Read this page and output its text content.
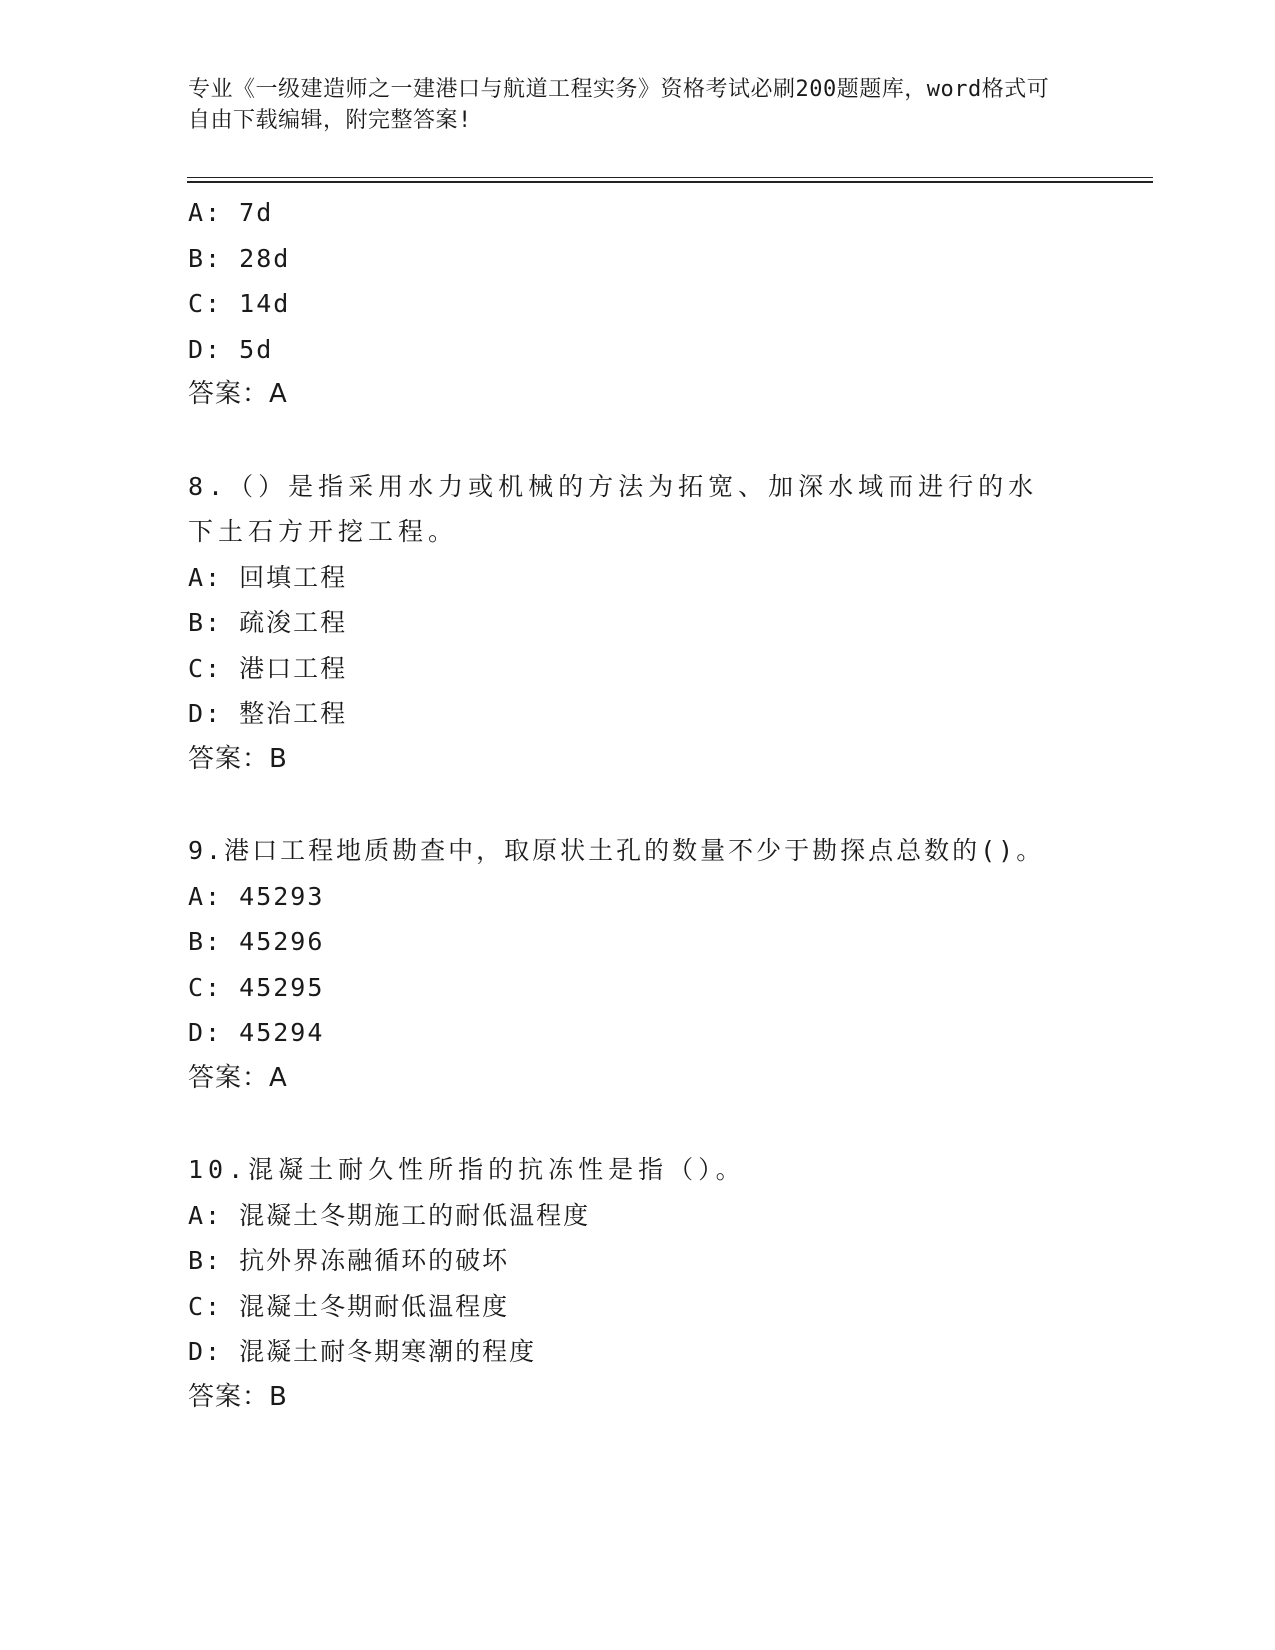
专业《一级建造师之一建港口与航道工程实务》资格考试必刷200题题库，word格式可自由下载编辑，附完整答案!
A: 7d
B: 28d
C: 14d
D: 5d
答案：A
8.（）是指采用水力或机械的方法为拓宽、加深水域而进行的水下土石方开挖工程。
A: 回填工程
B: 疏浚工程
C: 港口工程
D: 整治工程
答案：B
9.港口工程地质勘查中，取原状土孔的数量不少于勘探点总数的()。
A: 45293
B: 45296
C: 45295
D: 45294
答案：A
10.混凝土耐久性所指的抗冻性是指（）。
A: 混凝土冬期施工的耐低温程度
B: 抗外界冻融循环的破坏
C: 混凝土冬期耐低温程度
D: 混凝土耐冬期寒潮的程度
答案：B
